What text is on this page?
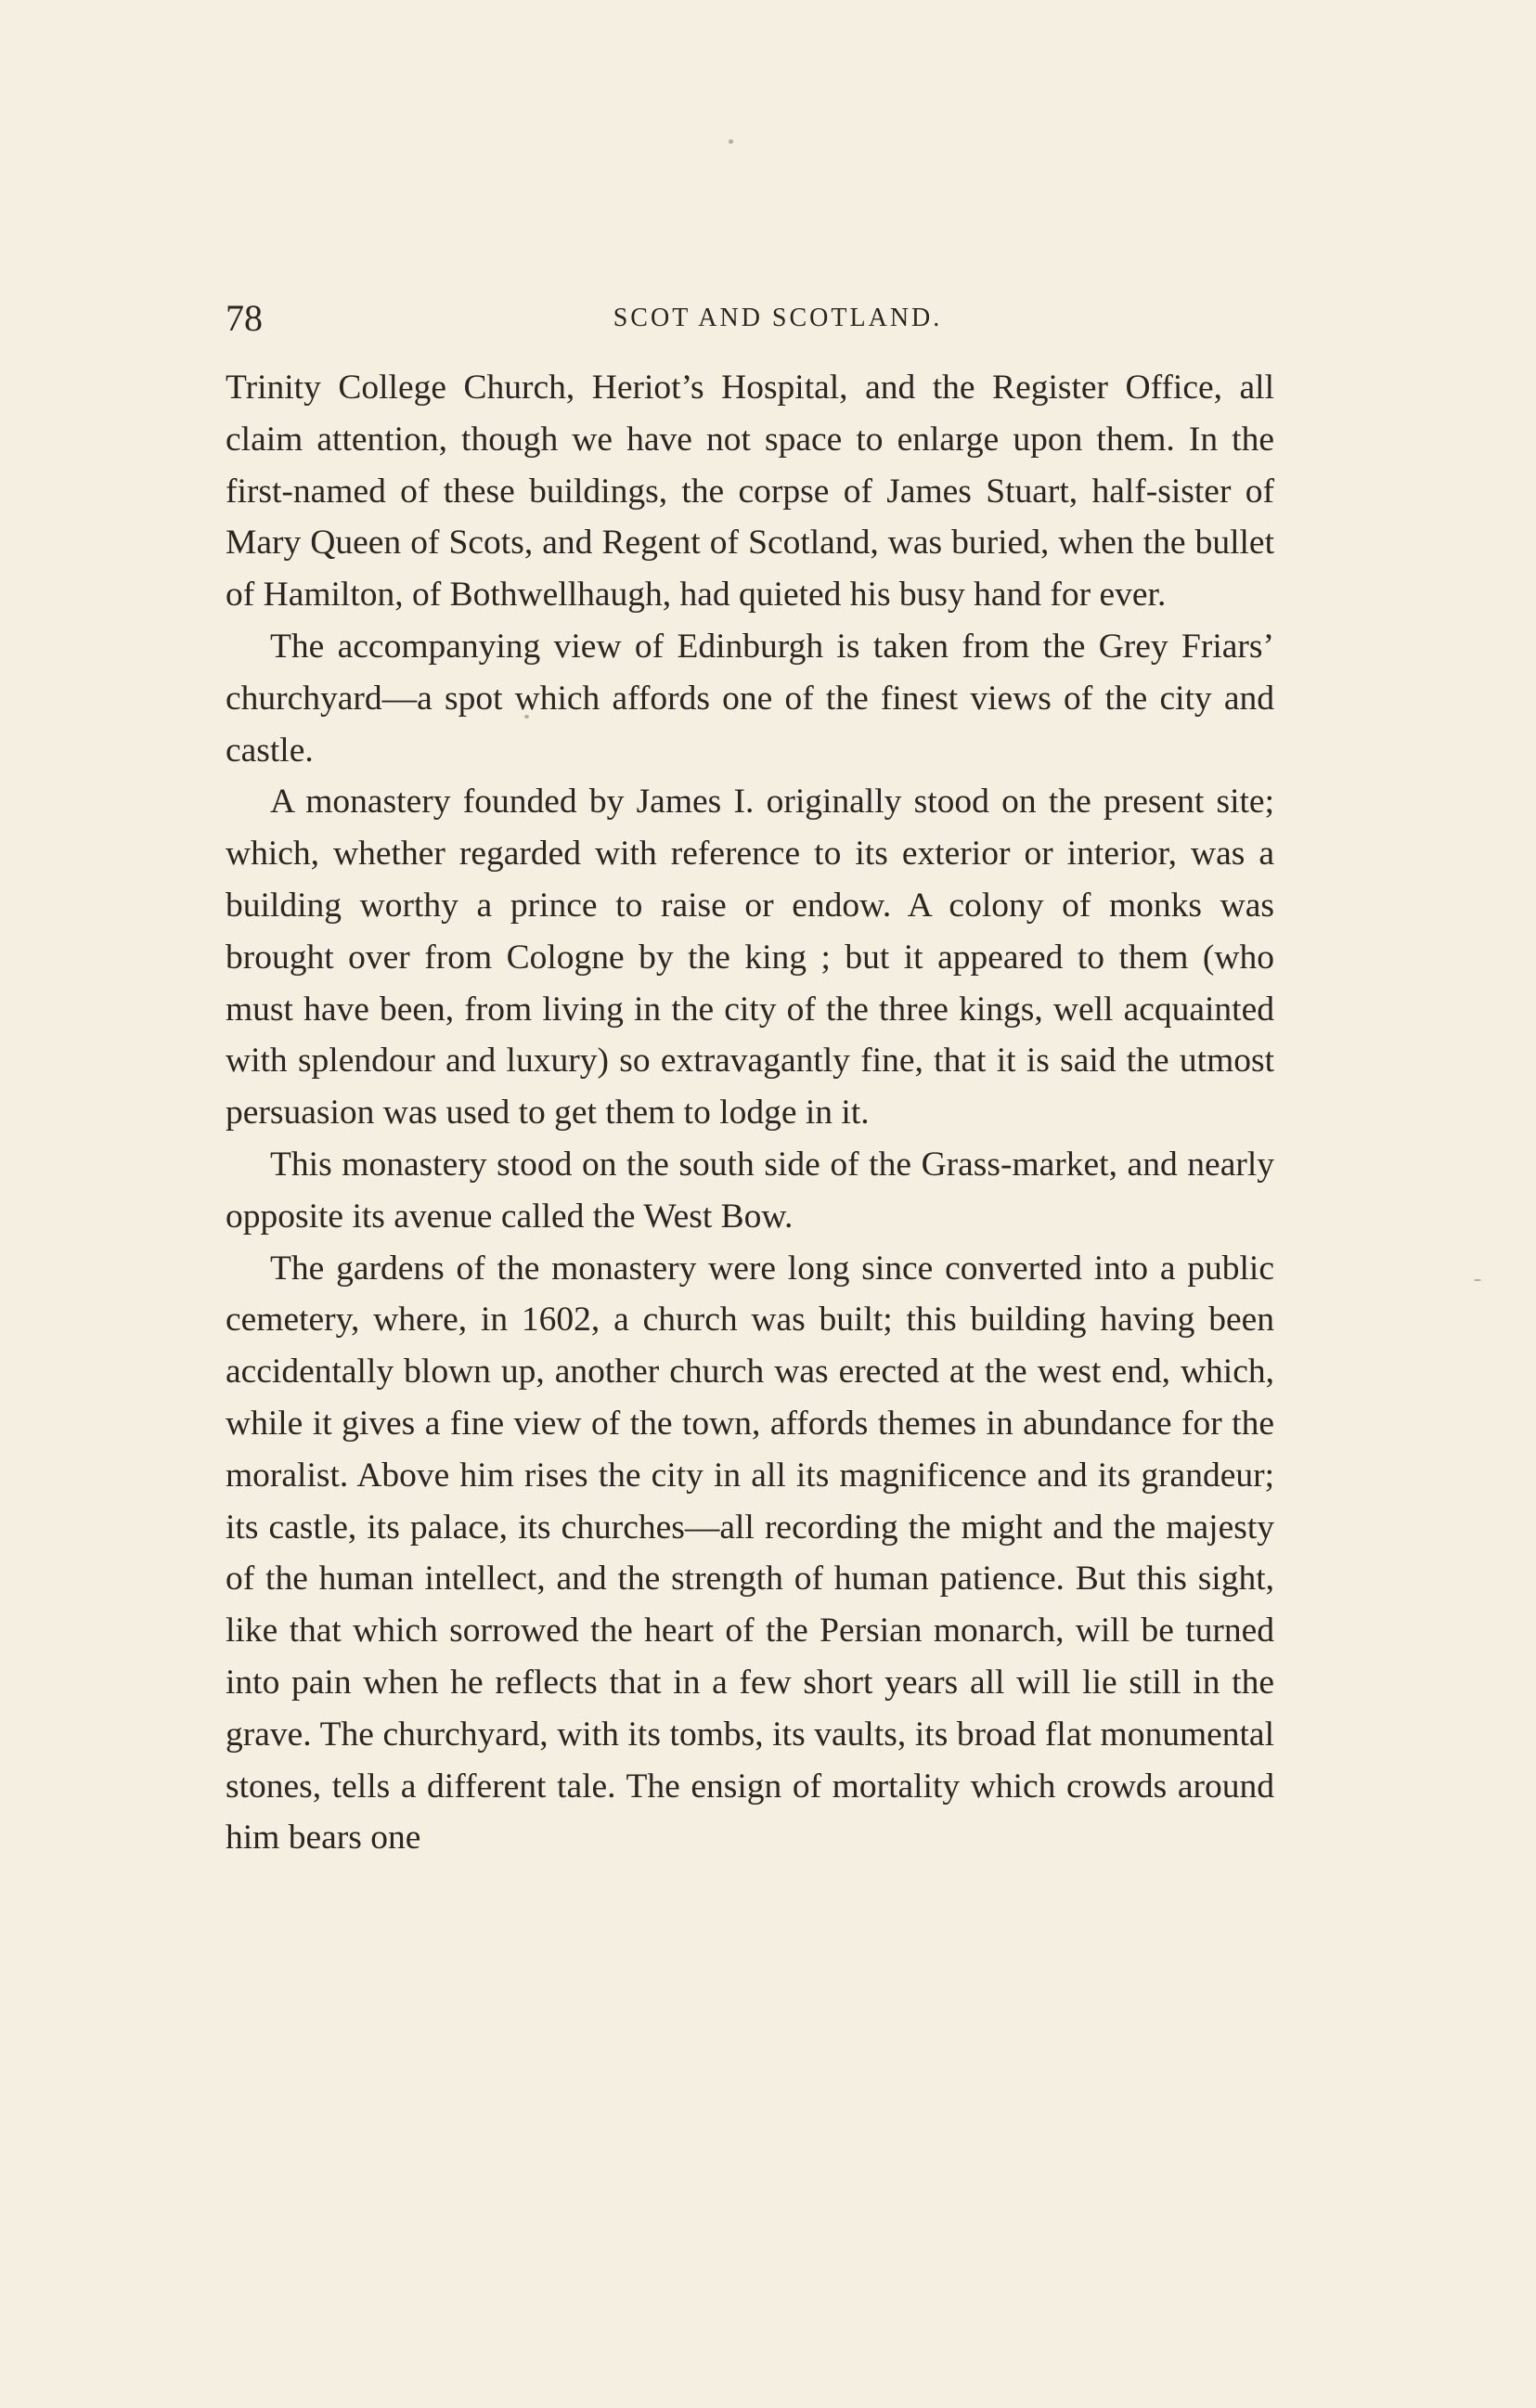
78	SCOT AND SCOTLAND.

Trinity College Church, Heriot’s Hospital, and the Register Office, all claim attention, though we have not space to enlarge upon them. In the first-named of these buildings, the corpse of James Stuart, half-sister of Mary Queen of Scots, and Regent of Scotland, was buried, when the bullet of Hamilton, of Bothwellhaugh, had quieted his busy hand for ever.

The accompanying view of Edinburgh is taken from the Grey Friars’ churchyard—a spot which affords one of the finest views of the city and castle.

A monastery founded by James I. originally stood on the present site; which, whether regarded with reference to its exterior or interior, was a building worthy a prince to raise or endow. A colony of monks was brought over from Cologne by the king ; but it appeared to them (who must have been, from living in the city of the three kings, well acquainted with splendour and luxury) so extravagantly fine, that it is said the utmost persuasion was used to get them to lodge in it.

This monastery stood on the south side of the Grass-market, and nearly opposite its avenue called the West Bow.

The gardens of the monastery were long since converted into a public cemetery, where, in 1602, a church was built; this building having been accidentally blown up, another church was erected at the west end, which, while it gives a fine view of the town, affords themes in abundance for the moralist. Above him rises the city in all its magnificence and its grandeur; its castle, its palace, its churches—all recording the might and the majesty of the human intellect, and the strength of human patience. But this sight, like that which sorrowed the heart of the Persian monarch, will be turned into pain when he reflects that in a few short years all will lie still in the grave. The churchyard, with its tombs, its vaults, its broad flat monumental stones, tells a different tale. The ensign of mortality which crowds around him bears one
